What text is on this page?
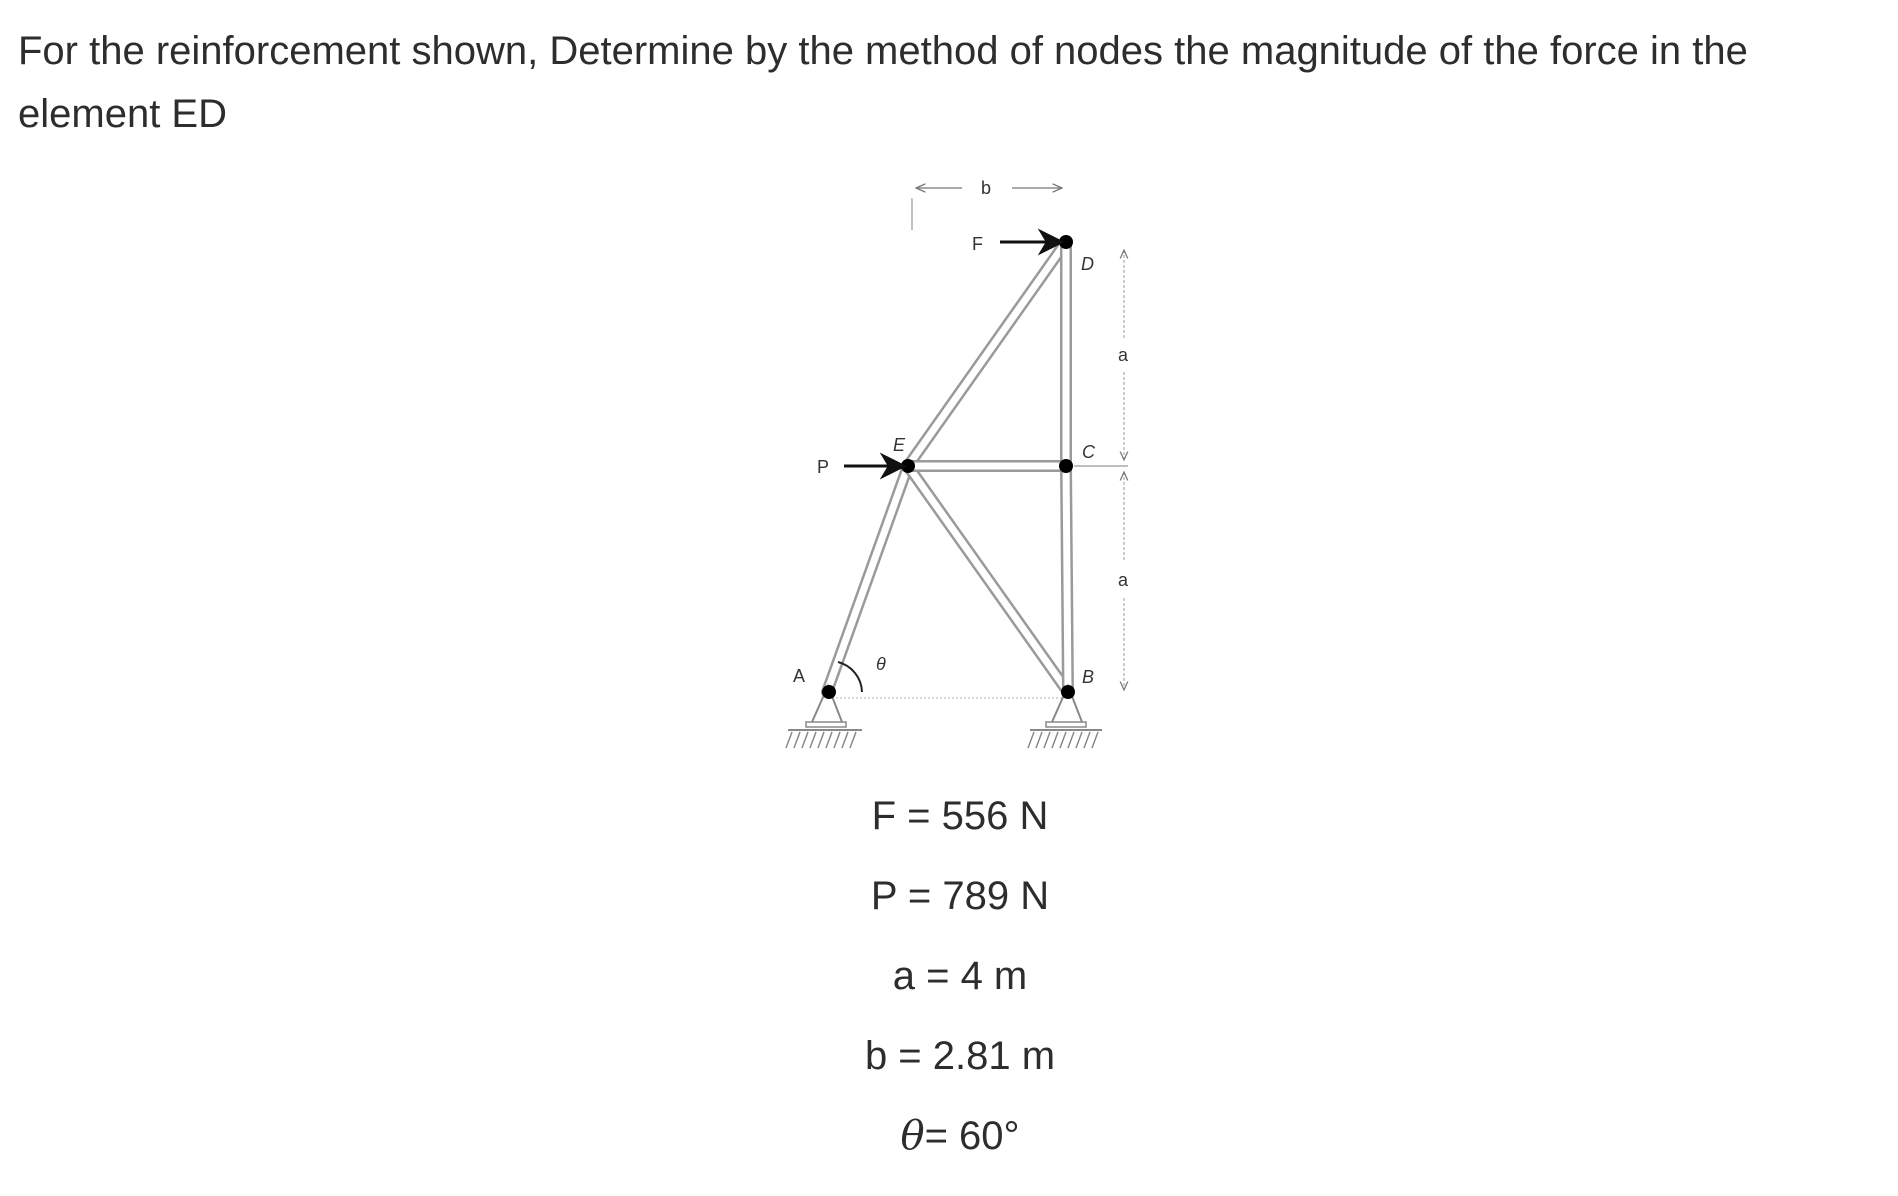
For the reinforcement shown, Determine by the method of nodes the magnitude of the force in the element ED

b
F
D
a
E	C
P
a
θ
A	B
F = 556 N
P = 789 N
a = 4 m
b = 2.81 m
θ= 60°
